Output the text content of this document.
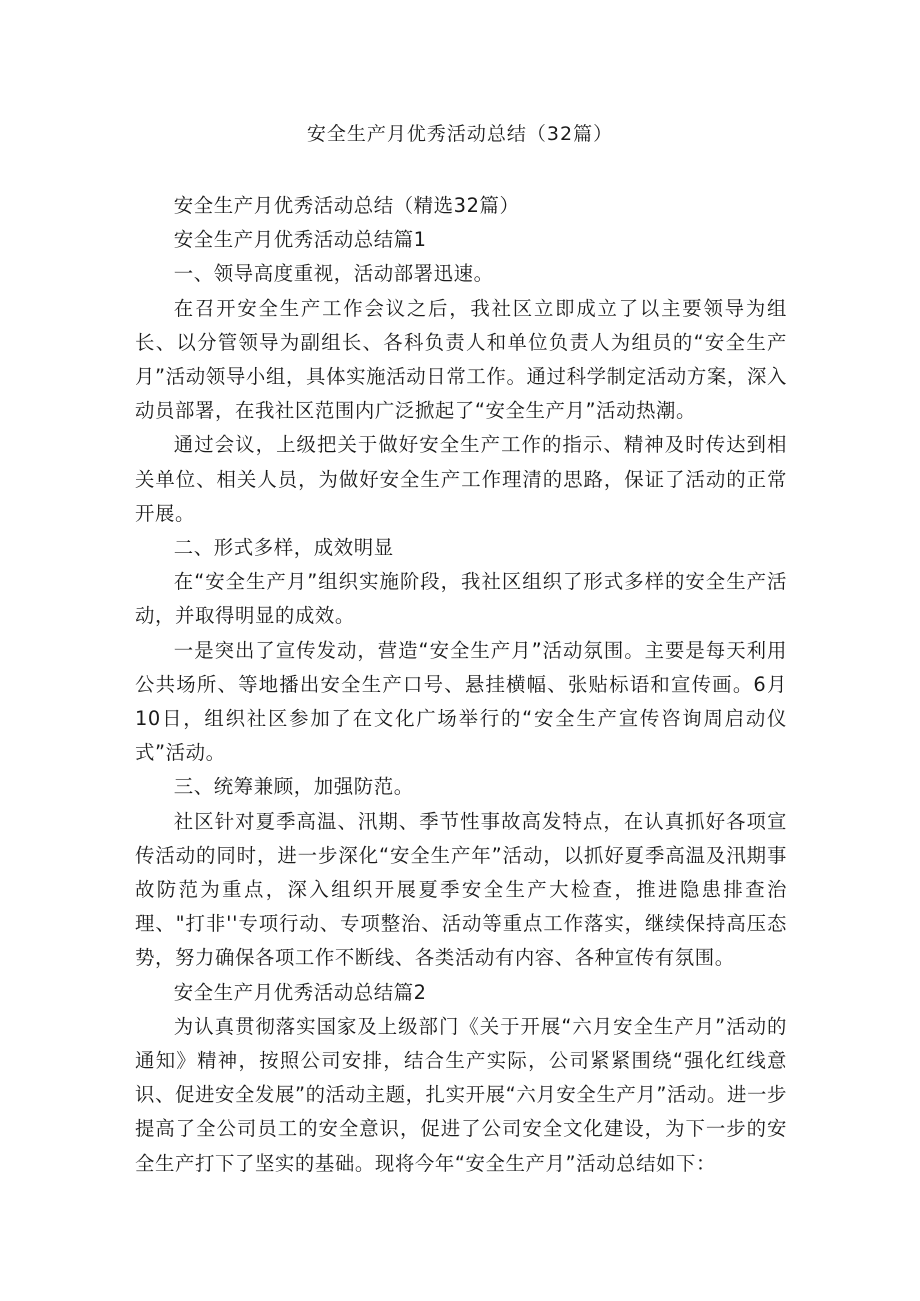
安全生产月优秀活动总结（32篇）

安全生产月优秀活动总结（精选32篇）

安全生产月优秀活动总结篇1

一、领导高度重视，活动部署迅速。

在召开安全生产工作会议之后，我社区立即成立了以主要领导为组长、以分管领导为副组长、各科负责人和单位负责人为组员的“安全生产月”活动领导小组，具体实施活动日常工作。通过科学制定活动方案，深入动员部署，在我社区范围内广泛掀起了“安全生产月”活动热潮。

通过会议，上级把关于做好安全生产工作的指示、精神及时传达到相关单位、相关人员，为做好安全生产工作理清的思路，保证了活动的正常开展。

二、形式多样，成效明显

在“安全生产月”组织实施阶段，我社区组织了形式多样的安全生产活动，并取得明显的成效。

一是突出了宣传发动，营造“安全生产月”活动氛围。主要是每天利用公共场所、等地播出安全生产口号、悬挂横幅、张贴标语和宣传画。6月10日，组织社区参加了在文化广场举行的“安全生产宣传咨询周启动仪式”活动。

三、统筹兼顾，加强防范。

社区针对夏季高温、汛期、季节性事故高发特点，在认真抓好各项宣传活动的同时，进一步深化“安全生产年”活动，以抓好夏季高温及汛期事故防范为重点，深入组织开展夏季安全生产大检查，推进隐患排查治理、"打非''专项行动、专项整治、活动等重点工作落实，继续保持高压态势，努力确保各项工作不断线、各类活动有内容、各种宣传有氛围。

安全生产月优秀活动总结篇2

为认真贯彻落实国家及上级部门《关于开展“六月安全生产月”活动的通知》精神，按照公司安排，结合生产实际，公司紧紧围绕“强化红线意识、促进安全发展”的活动主题，扎实开展“六月安全生产月”活动。进一步提高了全公司员工的安全意识，促进了公司安全文化建设，为下一步的安全生产打下了坚实的基础。现将今年“安全生产月”活动总结如下：
